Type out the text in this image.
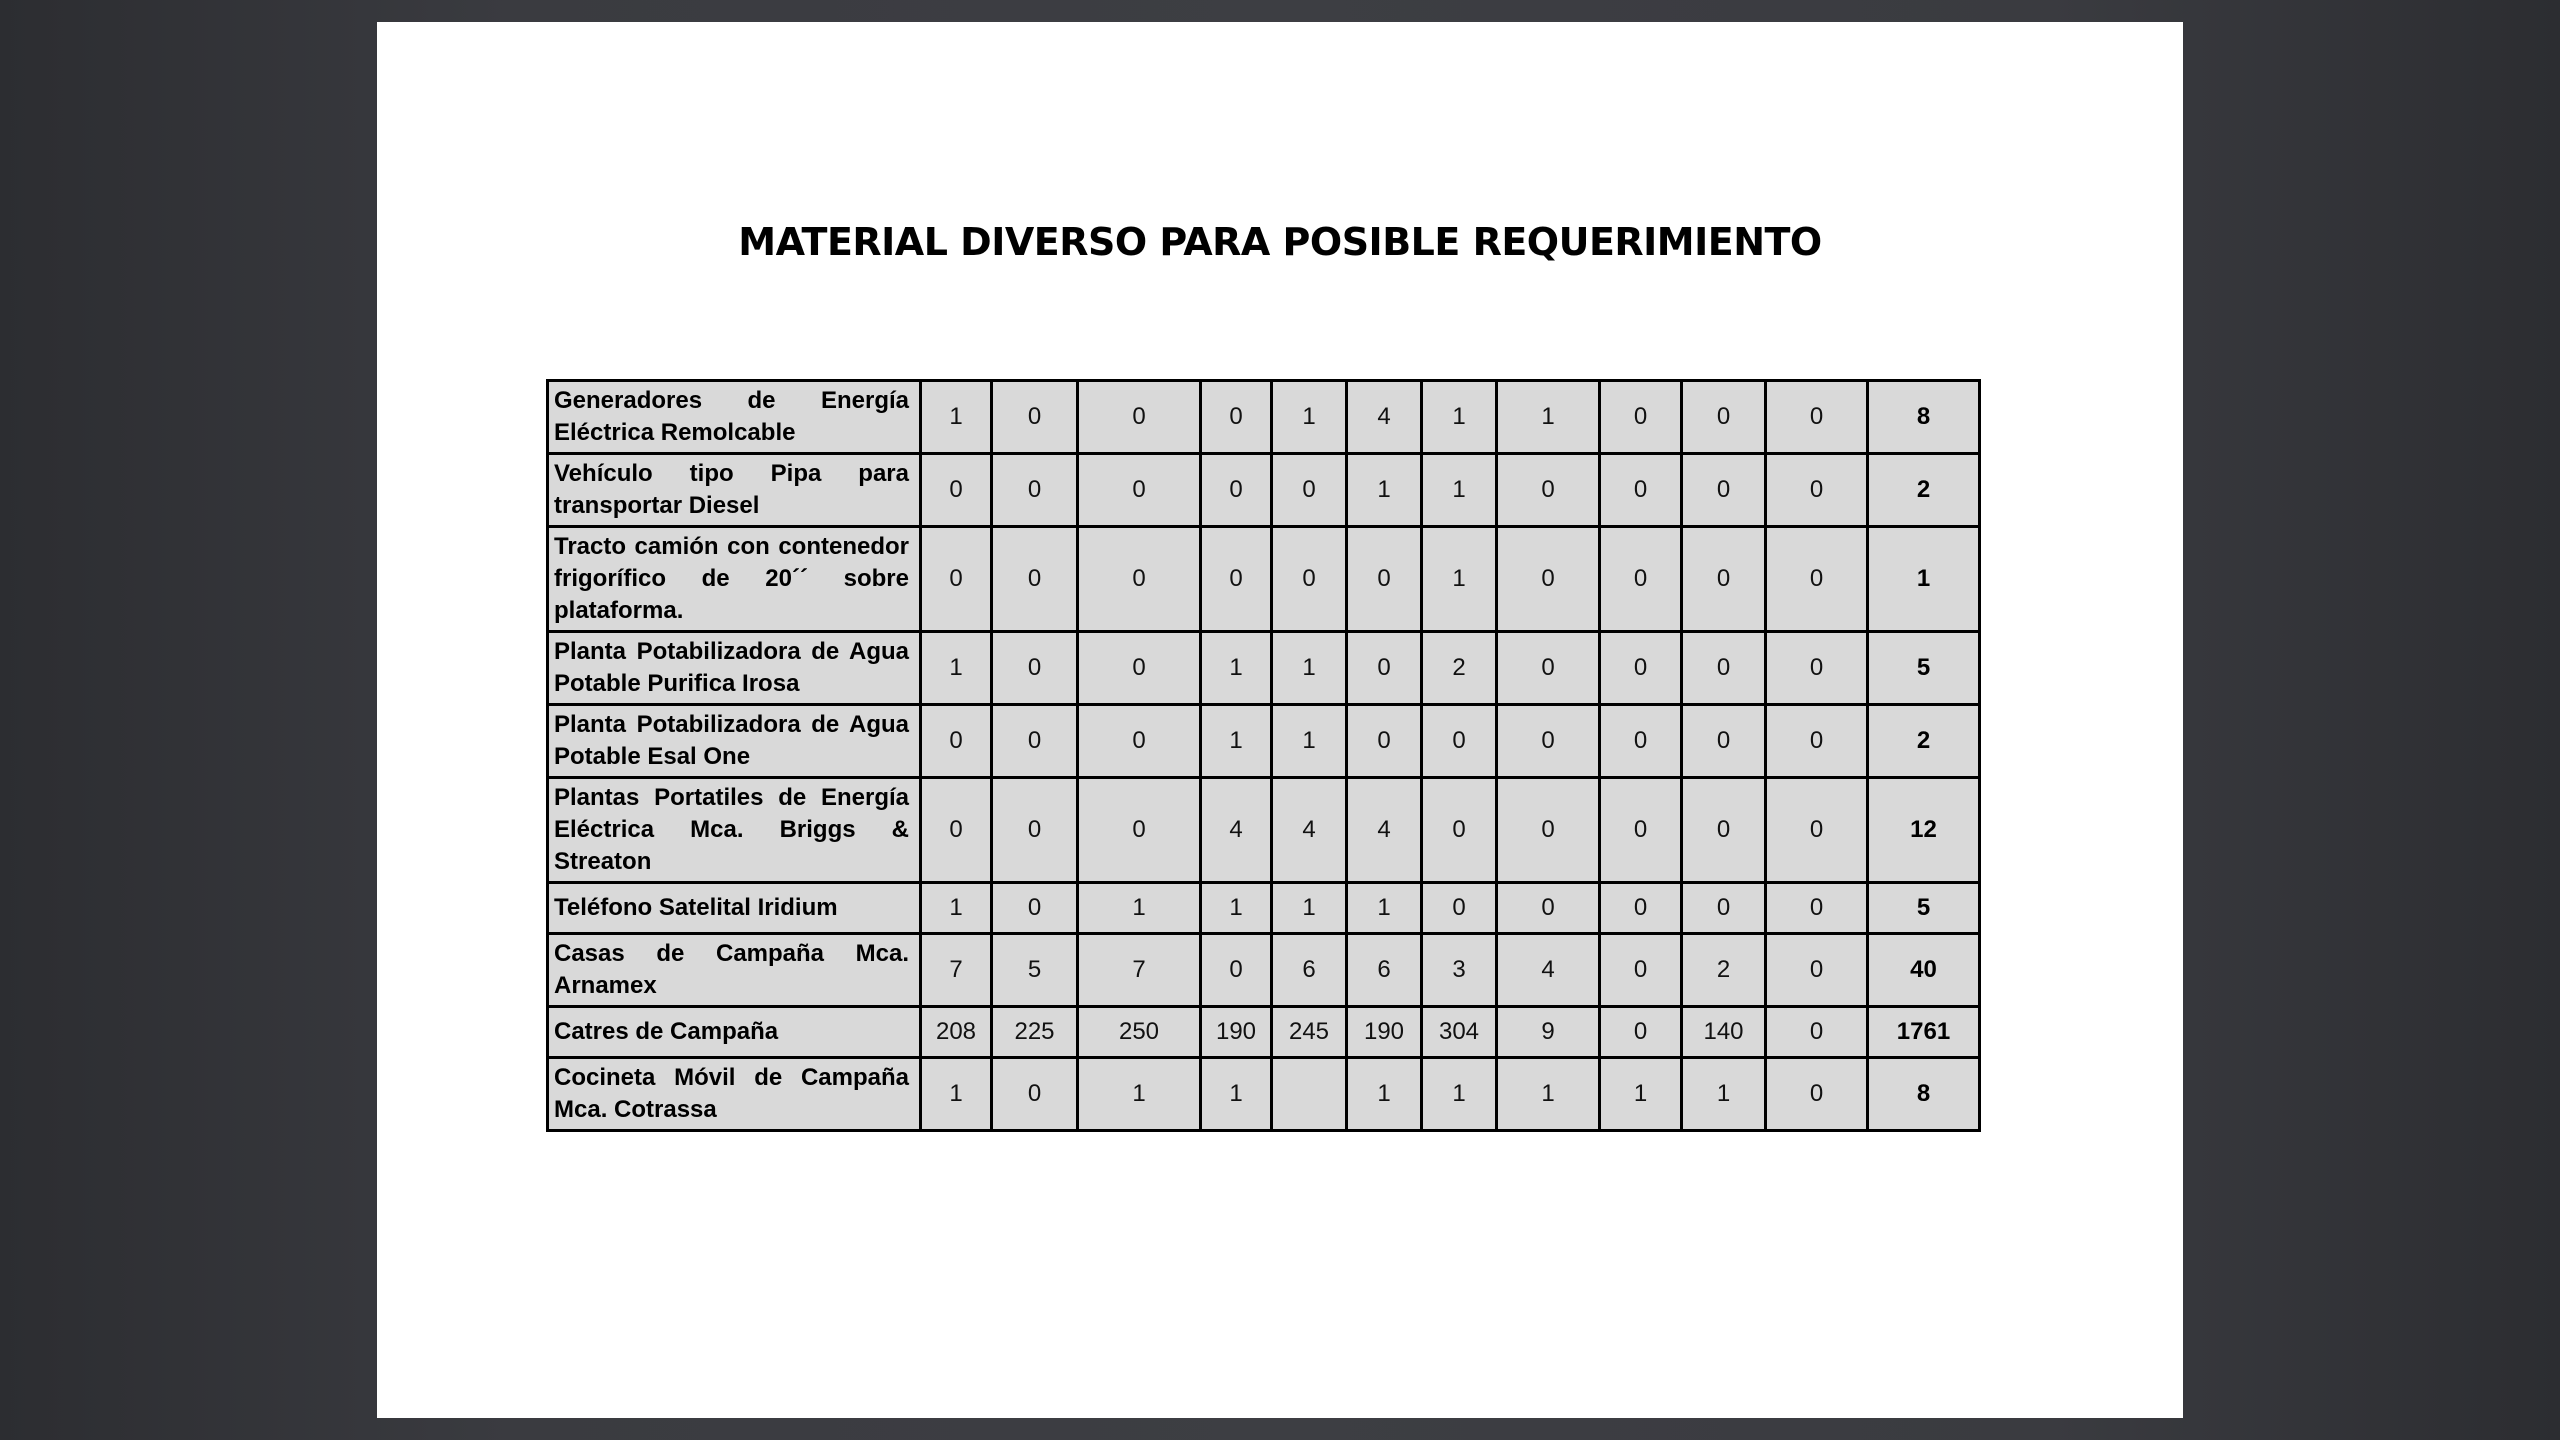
MATERIAL DIVERSO PARA POSIBLE REQUERIMIENTO
Generadores de Energía Eléctrica Remolcable	1	0	0	0	1	4	1	1	0	0	0	8
Vehículo tipo Pipa para transportar Diesel	0	0	0	0	0	1	1	0	0	0	0	2
Tracto camión con contenedor frigorífico de 20´´ sobre plataforma.	0	0	0	0	0	0	1	0	0	0	0	1
Planta Potabilizadora de Agua Potable Purifica Irosa	1	0	0	1	1	0	2	0	0	0	0	5
Planta Potabilizadora de Agua Potable Esal One	0	0	0	1	1	0	0	0	0	0	0	2
Plantas Portatiles de Energía Eléctrica Mca. Briggs & Streaton	0	0	0	4	4	4	0	0	0	0	0	12
Teléfono Satelital Iridium	1	0	1	1	1	1	0	0	0	0	0	5
Casas de Campaña Mca. Arnamex	7	5	7	0	6	6	3	4	0	2	0	40
Catres de Campaña	208	225	250	190	245	190	304	9	0	140	0	1761
Cocineta Móvil de Campaña Mca. Cotrassa	1	0	1	1		1	1	1	1	1	0	8
